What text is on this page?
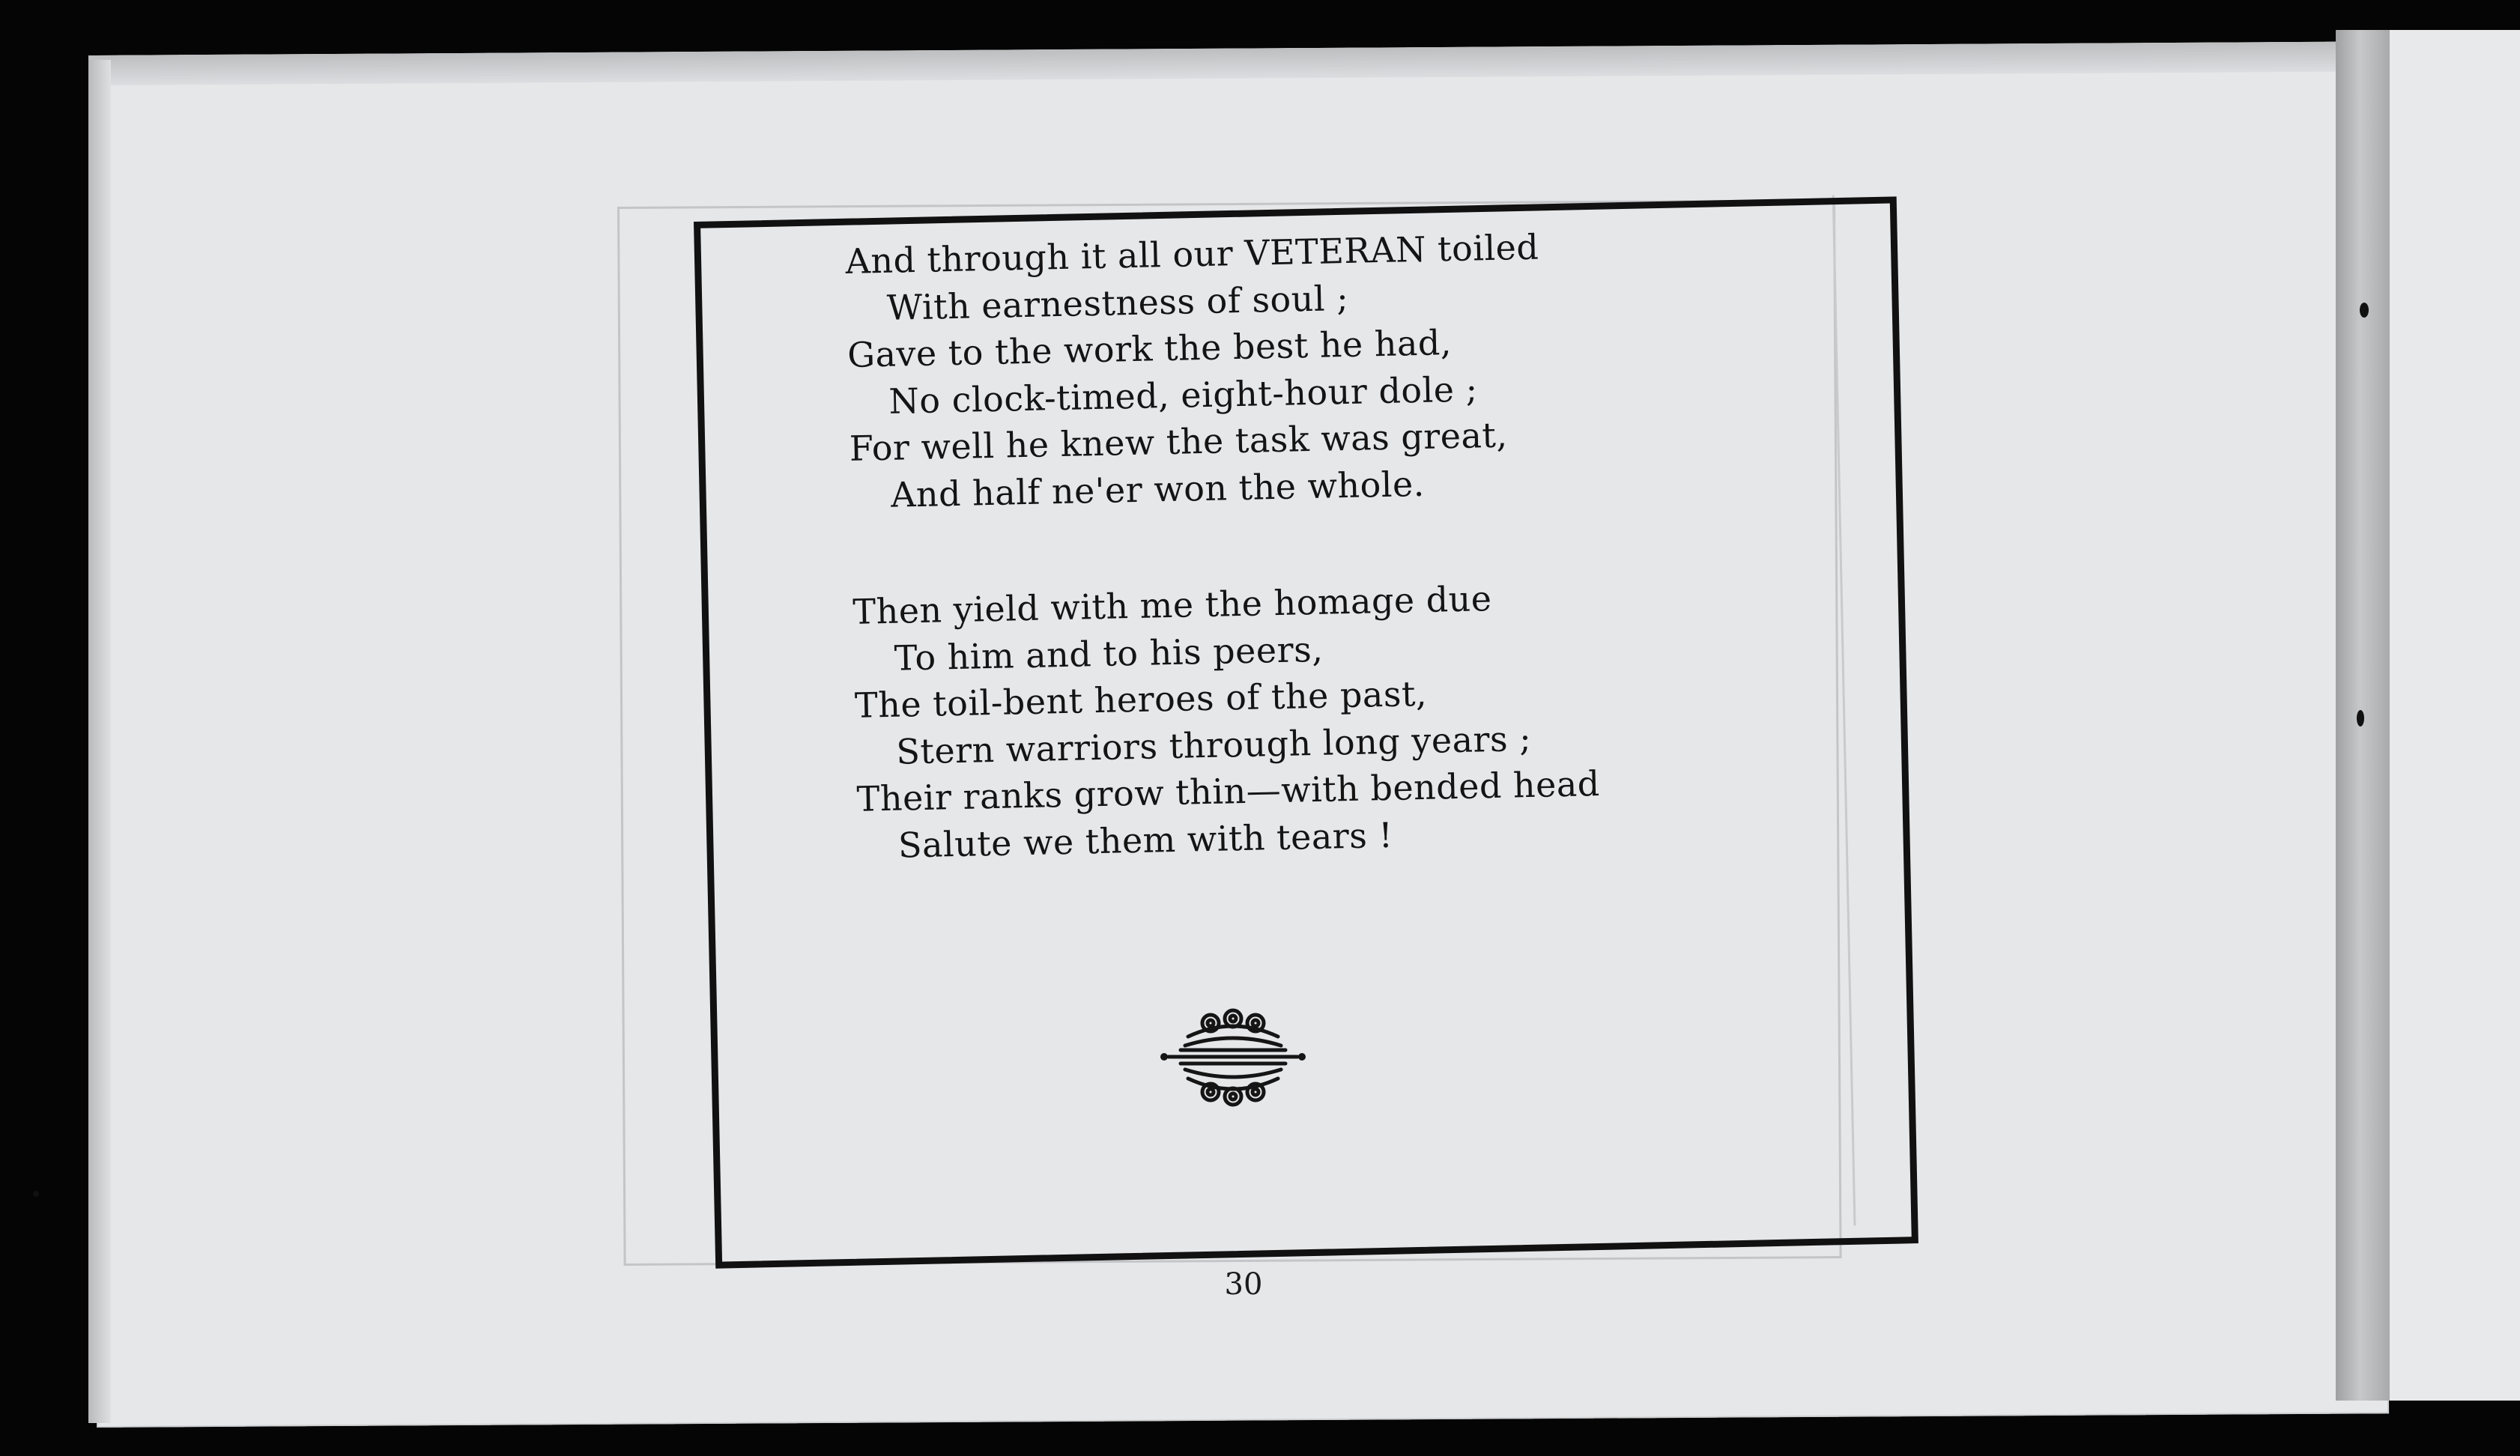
And through it all our VETERAN toiled
With earnestness of soul ;
Gave to the work the best he had,
No clock-timed, eight-hour dole ;
For well he knew the task was great,
And half ne'er won the whole.
Then yield with me the homage due
To him and to his peers,
The toil-bent heroes of the past,
Stern warriors through long years ;
Their ranks grow thin—with bended head
Salute we them with tears !
30
